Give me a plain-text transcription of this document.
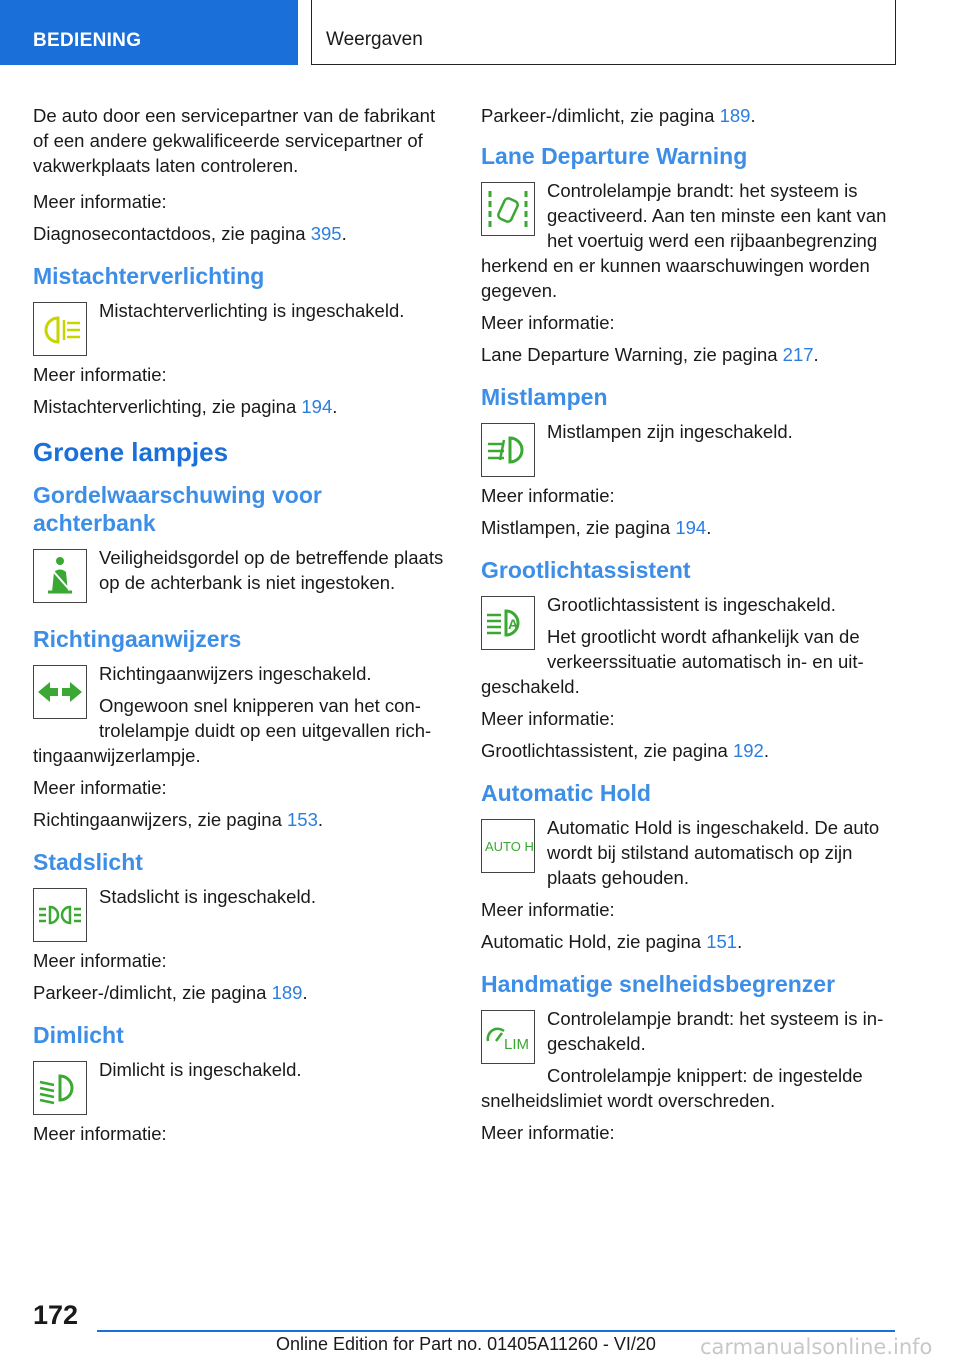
BEDIENING	Weergaven

De auto door een servicepartner van de fabrikant of een andere gekwalificeerde servicepartner of vakwerkplaats laten controleren.

Meer informatie:

Diagnosecontactdoos, zie pagina 395.

Mistachterverlichting

Mistachterverlichting is ingeschakeld.

Meer informatie:

Mistachterverlichting, zie pagina 194.

Groene lampjes
Gordelwaarschuwing voor achterbank

Veiligheidsgordel op de betreffende plaats op de achterbank is niet ingestoken.

Richtingaanwijzers

Richtingaanwijzers ingeschakeld.

Ongewoon snel knipperen van het controlelampje duidt op een uitgevallen richtingaanwijzerlampje.

Meer informatie:

Richtingaanwijzers, zie pagina 153.

Stadslicht

Stadslicht is ingeschakeld.

Meer informatie:

Parkeer-/dimlicht, zie pagina 189.

Dimlicht

Dimlicht is ingeschakeld.

Meer informatie:

Parkeer-/dimlicht, zie pagina 189.

Lane Departure Warning

Controlelampje brandt: het systeem is geactiveerd. Aan ten minste een kant van het voertuig werd een rijbaanbegrenzing herkend en er kunnen waarschuwingen worden gegeven.

Meer informatie:

Lane Departure Warning, zie pagina 217.

Mistlampen

Mistlampen zijn ingeschakeld.

Meer informatie:

Mistlampen, zie pagina 194.

Grootlichtassistent
A

Grootlichtassistent is ingeschakeld.

Het grootlicht wordt afhankelijk van de verkeerssituatie automatisch in- en uitgeschakeld.

Meer informatie:

Grootlichtassistent, zie pagina 192.

Automatic Hold
AUTO H

Automatic Hold is ingeschakeld. De auto wordt bij stilstand automatisch op zijn plaats gehouden.

Meer informatie:

Automatic Hold, zie pagina 151.

Handmatige snelheidsbegrenzer
LIM

Controlelampje brandt: het systeem is ingeschakeld.

Controlelampje knippert: de ingestelde snelheidslimiet wordt overschreden.

Meer informatie:

172
Online Edition for Part no. 01405A11260 - VI/20 carmanualsonline.info
